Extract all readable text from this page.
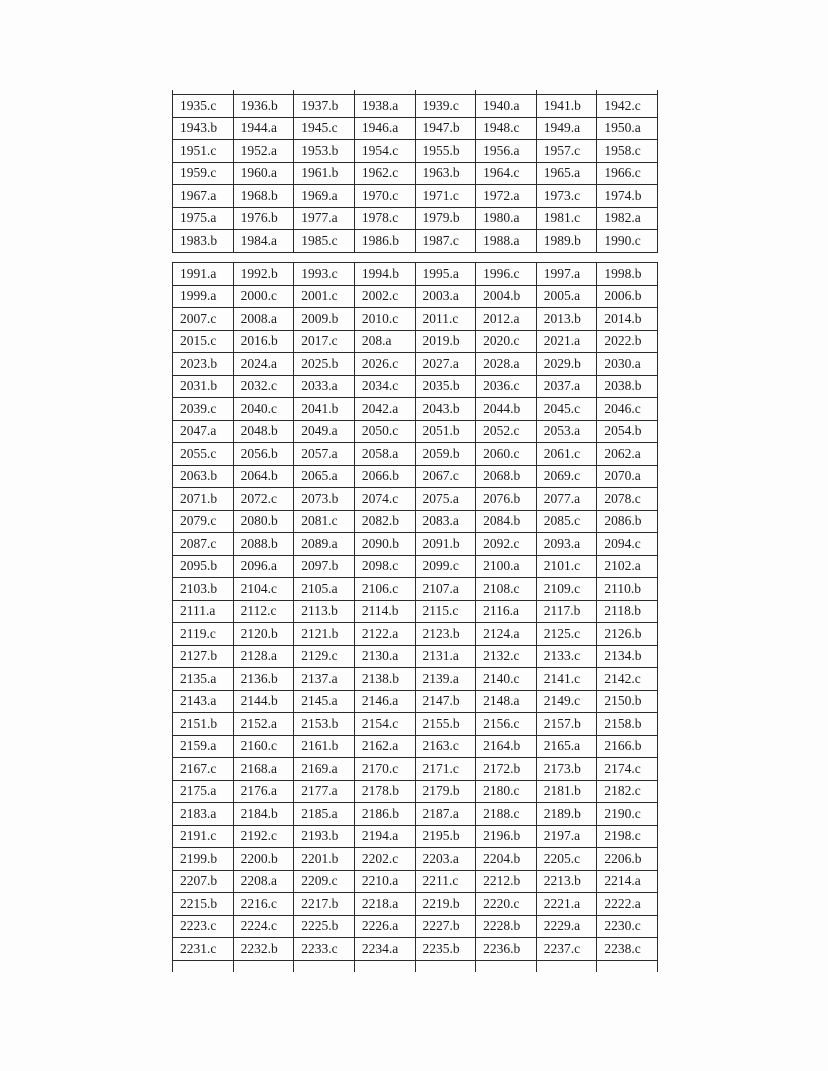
1935.c	1936.b	1937.b	1938.a	1939.c	1940.a	1941.b	1942.c
1943.b	1944.a	1945.c	1946.a	1947.b	1948.c	1949.a	1950.a
1951.c	1952.a	1953.b	1954.c	1955.b	1956.a	1957.c	1958.c
1959.c	1960.a	1961.b	1962.c	1963.b	1964.c	1965.a	1966.c
1967.a	1968.b	1969.a	1970.c	1971.c	1972.a	1973.c	1974.b
1975.a	1976.b	1977.a	1978.c	1979.b	1980.a	1981.c	1982.a
1983.b	1984.a	1985.c	1986.b	1987.c	1988.a	1989.b	1990.c
1991.a	1992.b	1993.c	1994.b	1995.a	1996.c	1997.a	1998.b
1999.a	2000.c	2001.c	2002.c	2003.a	2004.b	2005.a	2006.b
2007.c	2008.a	2009.b	2010.c	2011.c	2012.a	2013.b	2014.b
2015.c	2016.b	2017.c	208.a	2019.b	2020.c	2021.a	2022.b
2023.b	2024.a	2025.b	2026.c	2027.a	2028.a	2029.b	2030.a
2031.b	2032.c	2033.a	2034.c	2035.b	2036.c	2037.a	2038.b
2039.c	2040.c	2041.b	2042.a	2043.b	2044.b	2045.c	2046.c
2047.a	2048.b	2049.a	2050.c	2051.b	2052.c	2053.a	2054.b
2055.c	2056.b	2057.a	2058.a	2059.b	2060.c	2061.c	2062.a
2063.b	2064.b	2065.a	2066.b	2067.c	2068.b	2069.c	2070.a
2071.b	2072.c	2073.b	2074.c	2075.a	2076.b	2077.a	2078.c
2079.c	2080.b	2081.c	2082.b	2083.a	2084.b	2085.c	2086.b
2087.c	2088.b	2089.a	2090.b	2091.b	2092.c	2093.a	2094.c
2095.b	2096.a	2097.b	2098.c	2099.c	2100.a	2101.c	2102.a
2103.b	2104.c	2105.a	2106.c	2107.a	2108.c	2109.c	2110.b
2111.a	2112.c	2113.b	2114.b	2115.c	2116.a	2117.b	2118.b
2119.c	2120.b	2121.b	2122.a	2123.b	2124.a	2125.c	2126.b
2127.b	2128.a	2129.c	2130.a	2131.a	2132.c	2133.c	2134.b
2135.a	2136.b	2137.a	2138.b	2139.a	2140.c	2141.c	2142.c
2143.a	2144.b	2145.a	2146.a	2147.b	2148.a	2149.c	2150.b
2151.b	2152.a	2153.b	2154.c	2155.b	2156.c	2157.b	2158.b
2159.a	2160.c	2161.b	2162.a	2163.c	2164.b	2165.a	2166.b
2167.c	2168.a	2169.a	2170.c	2171.c	2172.b	2173.b	2174.c
2175.a	2176.a	2177.a	2178.b	2179.b	2180.c	2181.b	2182.c
2183.a	2184.b	2185.a	2186.b	2187.a	2188.c	2189.b	2190.c
2191.c	2192.c	2193.b	2194.a	2195.b	2196.b	2197.a	2198.c
2199.b	2200.b	2201.b	2202.c	2203.a	2204.b	2205.c	2206.b
2207.b	2208.a	2209.c	2210.a	2211.c	2212.b	2213.b	2214.a
2215.b	2216.c	2217.b	2218.a	2219.b	2220.c	2221.a	2222.a
2223.c	2224.c	2225.b	2226.a	2227.b	2228.b	2229.a	2230.c
2231.c	2232.b	2233.c	2234.a	2235.b	2236.b	2237.c	2238.c
